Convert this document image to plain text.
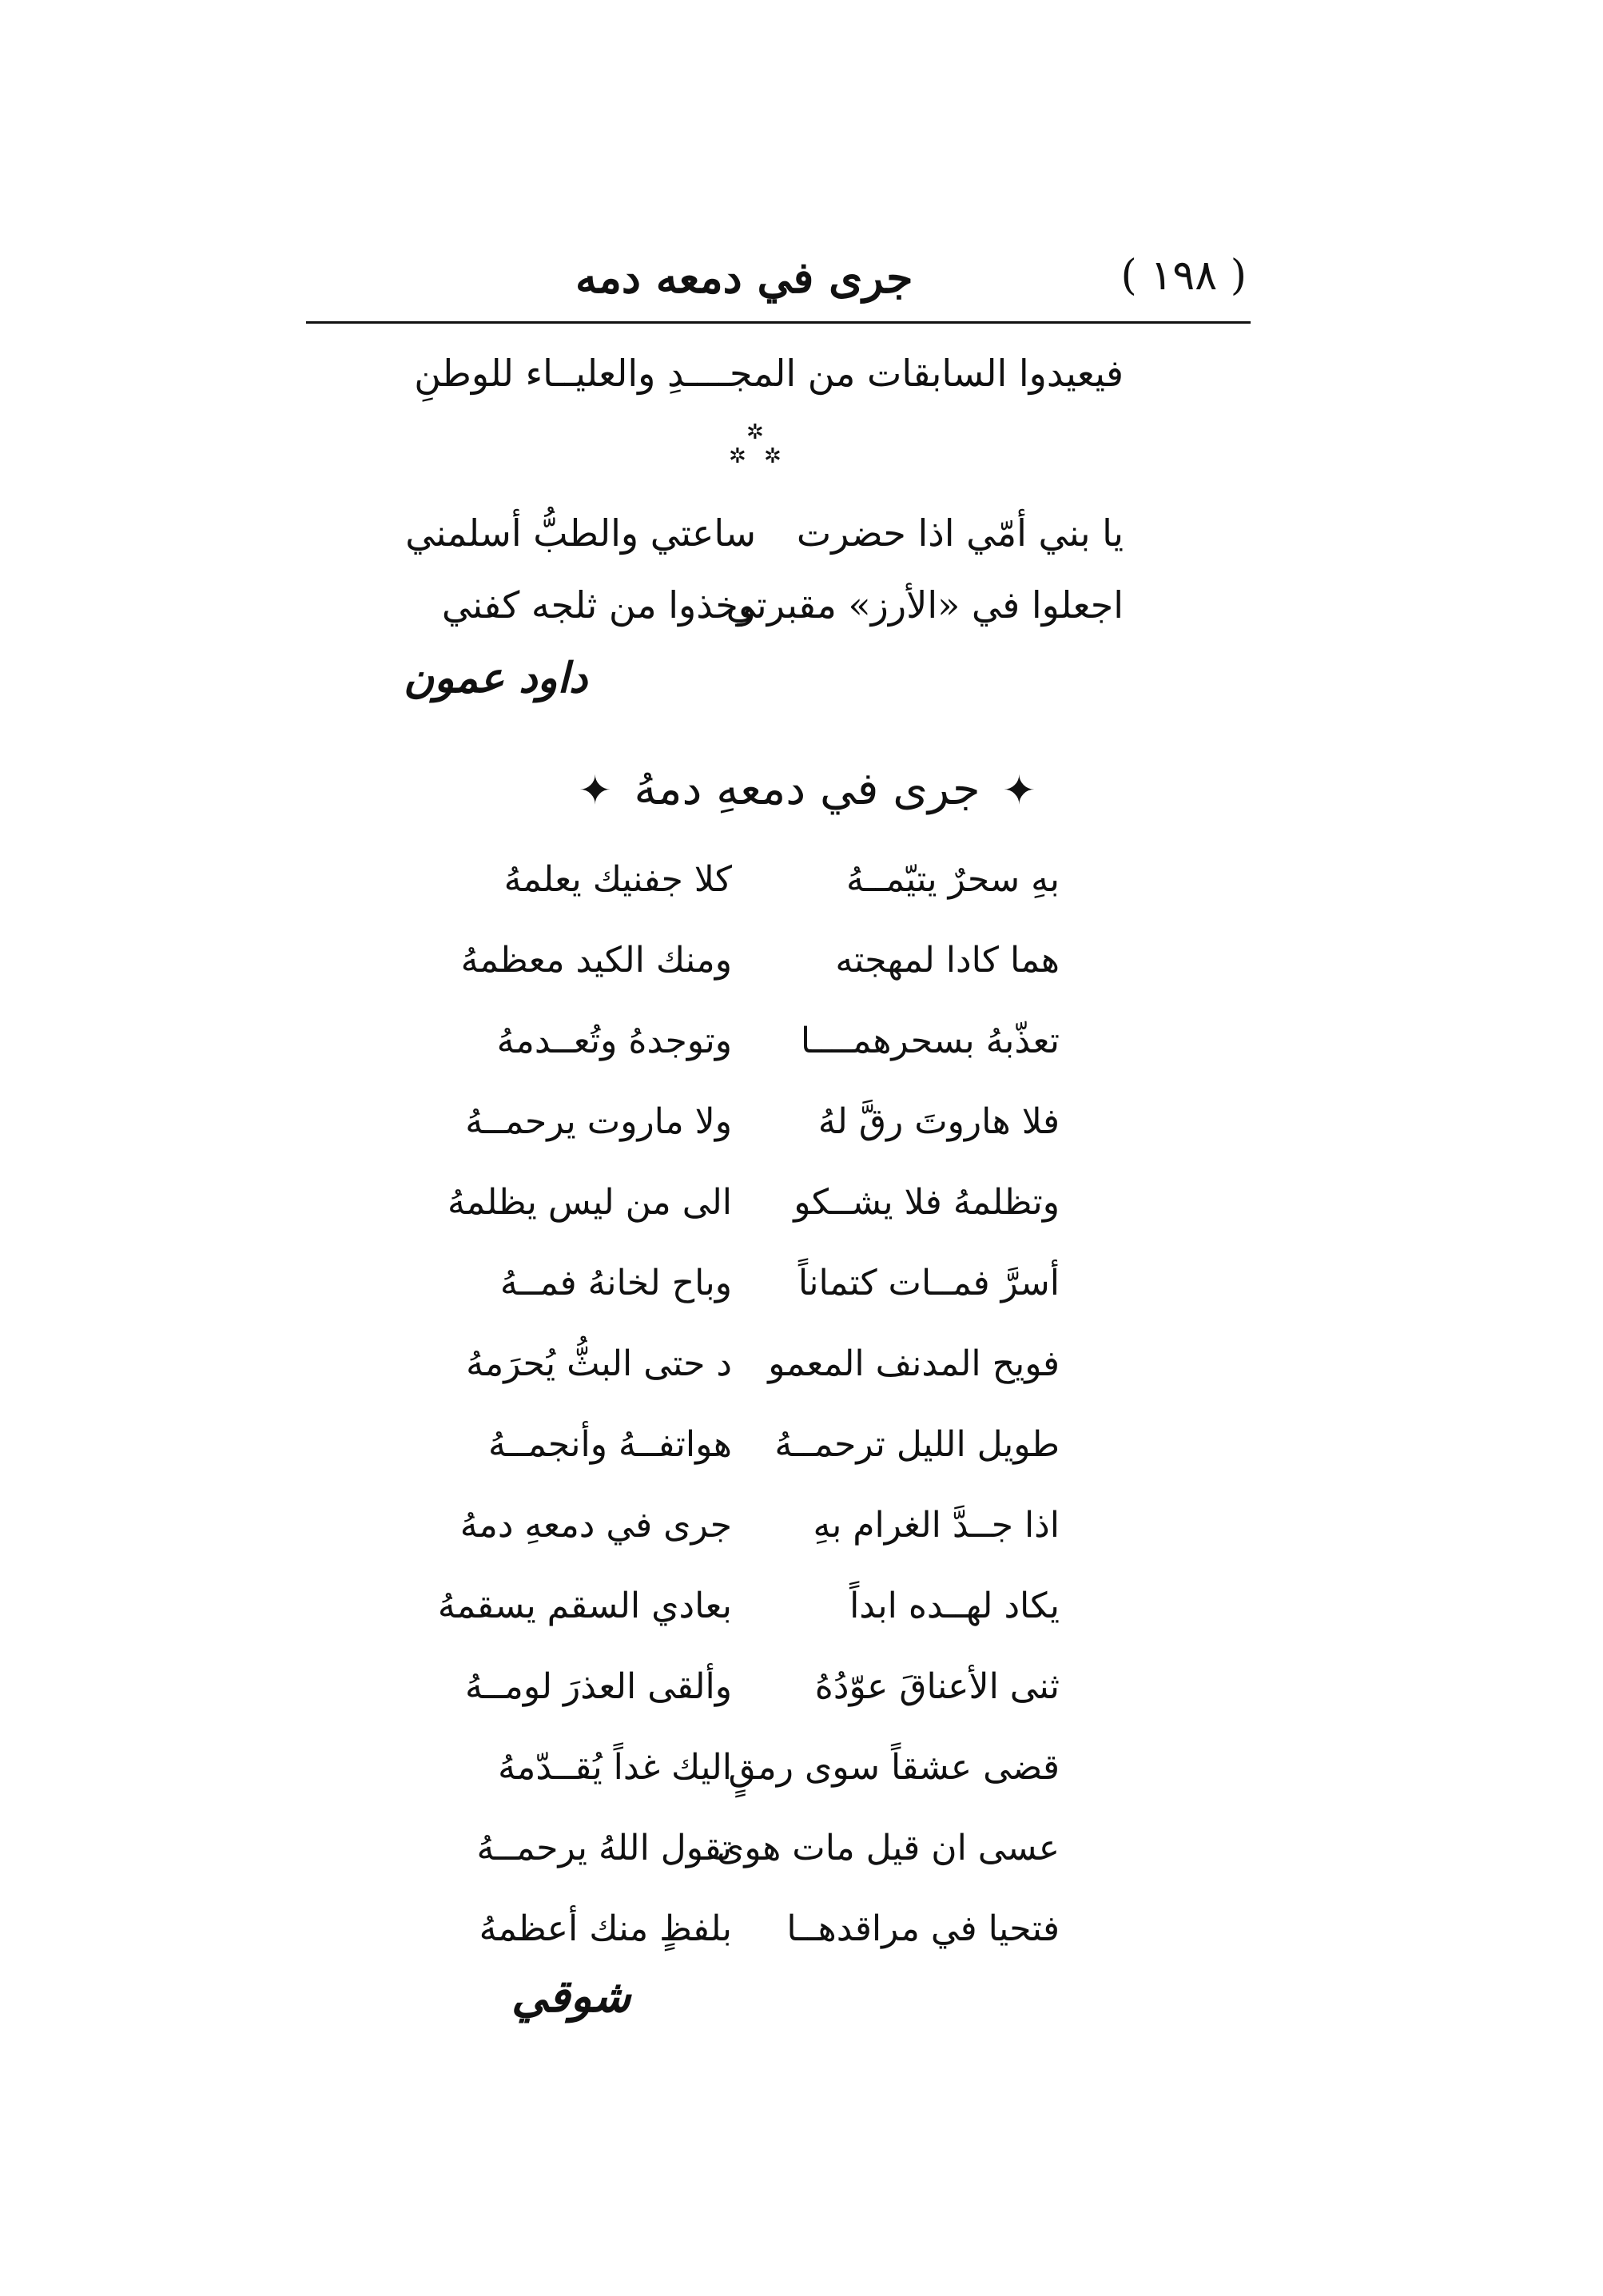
( ١٩٨ )
جرى في دمعه دمه
فيعيدوا السابقات من المجــــدِ والعليــاء للوطنِ
✲
✲ ✲
يا بني أمّي اذا حضرت
ساعتي والطبُّ أسلمني
اجعلوا في «الأرز» مقبرتي
وخذوا من ثلجه كفني
داود عمون
✦ جرى في دمعهِ دمهُ ✦
بهِ سحرٌ يتيّمــهُ
كلا جفنيك يعلمهُ
هما كادا لمهجته
ومنك الكيد معظمهُ
تعذّبهُ بسحرهمــــا
وتوجدهُ وتُعــدمهُ
فلا هاروتَ رقَّ لهُ
ولا ماروت يرحمــهُ
وتظلمهُ فلا يشــكو
الى من ليس يظلمهُ
أسرَّ فمــات كتماناً
وباح لخانهُ فمــهُ
فويح المدنف المعمو
د حتى البثُّ يُحرَمهُ
طويل الليل ترحمــهُ
هواتفــهُ وأنجمــهُ
اذا جــدَّ الغرام بهِ
جرى في دمعهِ دمهُ
يكاد لهــده ابداً
بعادي السقم يسقمهُ
ثنى الأعناقَ عوّدُهُ
وألقى العذرَ لومــهُ
قضى عشقاً سوى رمقٍ
اليك غداً يُقــدّمهُ
عسى ان قيل مات هوى
تقول اللهُ يرحمــهُ
فتحيا في مراقدهــا
بلفظٍ منك أعظمهُ
شوقي
